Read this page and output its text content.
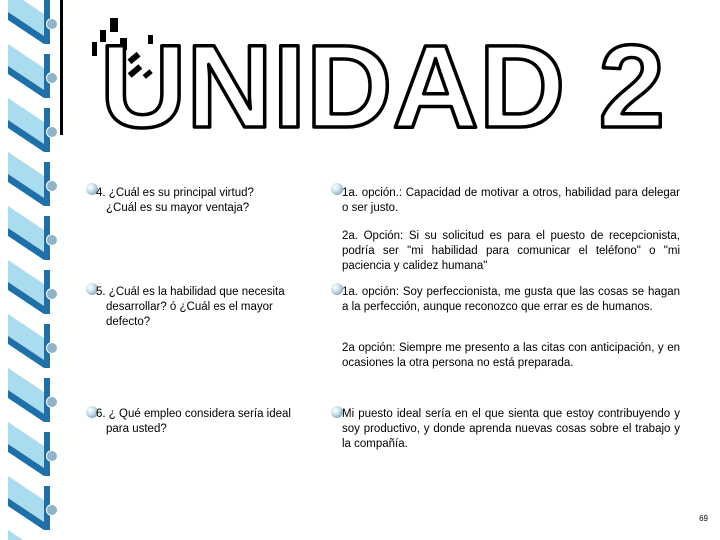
UNIDAD 2

4. ¿Cuál es su principal virtud?
¿Cuál es su mayor ventaja?

1a. opción.: Capacidad de motivar a otros, habilidad para delegar o ser justo.

2a. Opción: Si su solicitud es para el puesto de recepcionista, podría ser "mi habilidad para comunicar el teléfono" o "mi paciencia y calidez humana"

5. ¿Cuál es la habilidad que necesita
desarrollar? ó ¿Cuál es el mayor
defecto?

1a. opción: Soy perfeccionista, me gusta que las cosas se hagan a la perfección, aunque reconozco que errar es de humanos.

2a opción: Siempre me presento a las citas con anticipación, y en ocasiones la otra persona no está preparada.

6. ¿ Qué empleo considera sería ideal
para usted?

Mi puesto ideal sería en el que sienta que estoy contribuyendo y soy productivo, y donde aprenda nuevas cosas sobre el trabajo y la compañía.

69
